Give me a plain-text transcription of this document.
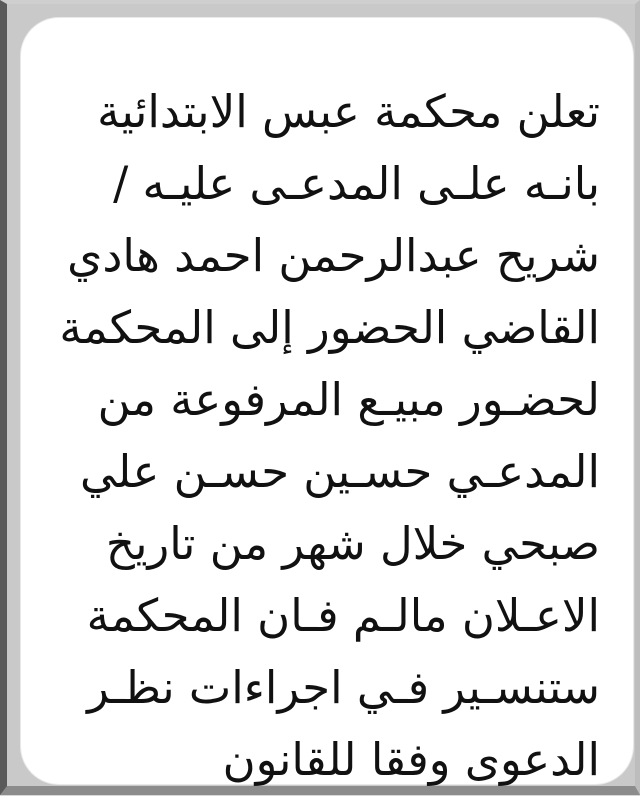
تعلن محكمة عبس الابتدائية
بانـه علـى المدعـى عليـه /
شريح عبدالرحمن احمد هادي
القاضي الحضور إلى المحكمة
لحضـور مبيـع المرفوعة من
المدعـي حسـين حسـن علي
صبحي خلال شهر من تاريخ
الاعـلان مالـم فـان المحكمة
ستنسـير فـي اجراءات نظـر
الدعوى وفقا للقانون
